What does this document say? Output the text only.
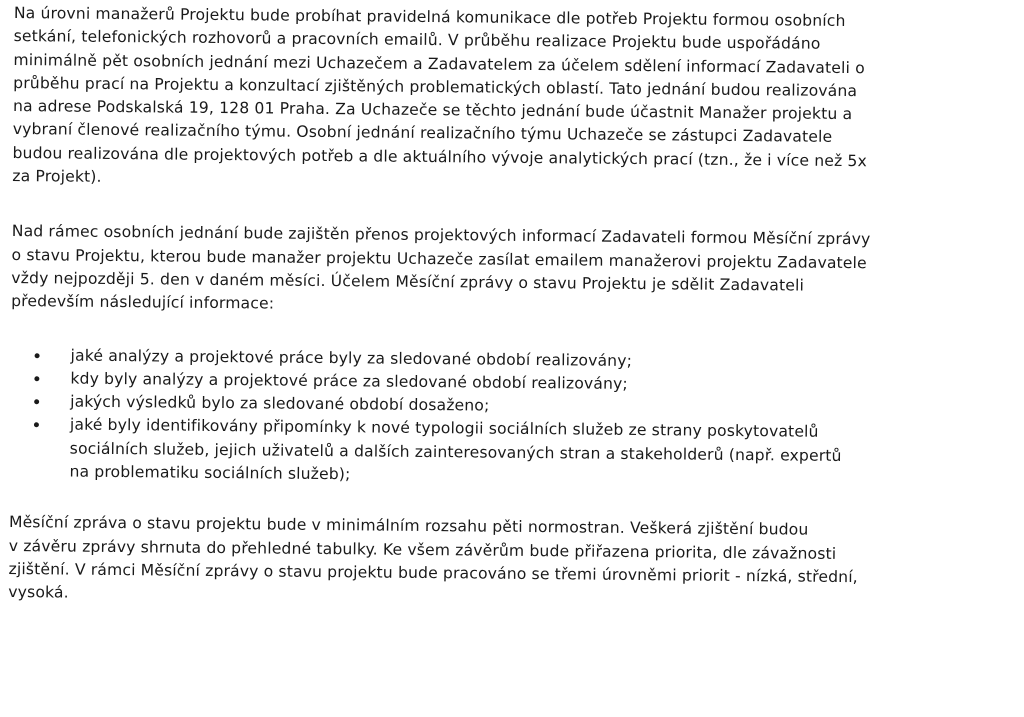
Na úrovni manažerů Projektu bude probíhat pravidelná komunikace dle potřeb Projektu formou osobních

setkání, telefonických rozhovorů a pracovních emailů. V průběhu realizace Projektu bude uspořádáno

minimálně pět osobních jednání mezi Uchazečem a Zadavatelem za účelem sdělení informací Zadavateli o

průběhu prací na Projektu a konzultací zjištěných problematických oblastí. Tato jednání budou realizována

na adrese Podskalská 19, 128 01 Praha. Za Uchazeče se těchto jednání bude účastnit Manažer projektu a

vybraní členové realizačního týmu. Osobní jednání realizačního týmu Uchazeče se zástupci Zadavatele

budou realizována dle projektových potřeb a dle aktuálního vývoje analytických prací (tzn., že i více než 5x

za Projekt).

Nad rámec osobních jednání bude zajištěn přenos projektových informací Zadavateli formou Měsíční zprávy

o stavu Projektu, kterou bude manažer projektu Uchazeče zasílat emailem manažerovi projektu Zadavatele

vždy nejpozději 5. den v daném měsíci. Účelem Měsíční zprávy o stavu Projektu je sdělit Zadavateli

především následující informace:

jaké analýzy a projektové práce byly za sledované období realizovány;
kdy byly analýzy a projektové práce za sledované období realizovány;
jakých výsledků bylo za sledované období dosaženo;
jaké byly identifikovány připomínky k nové typologii sociálních služeb ze strany poskytovatelů
sociálních služeb, jejich uživatelů a dalších zainteresovaných stran a stakeholderů (např. expertů
na problematiku sociálních služeb);

Měsíční zpráva o stavu projektu bude v minimálním rozsahu pěti normostran. Veškerá zjištění budou

v závěru zprávy shrnuta do přehledné tabulky. Ke všem závěrům bude přiřazena priorita, dle závažnosti

zjištění. V rámci Měsíční zprávy o stavu projektu bude pracováno se třemi úrovněmi priorit - nízká, střední,

vysoká.
